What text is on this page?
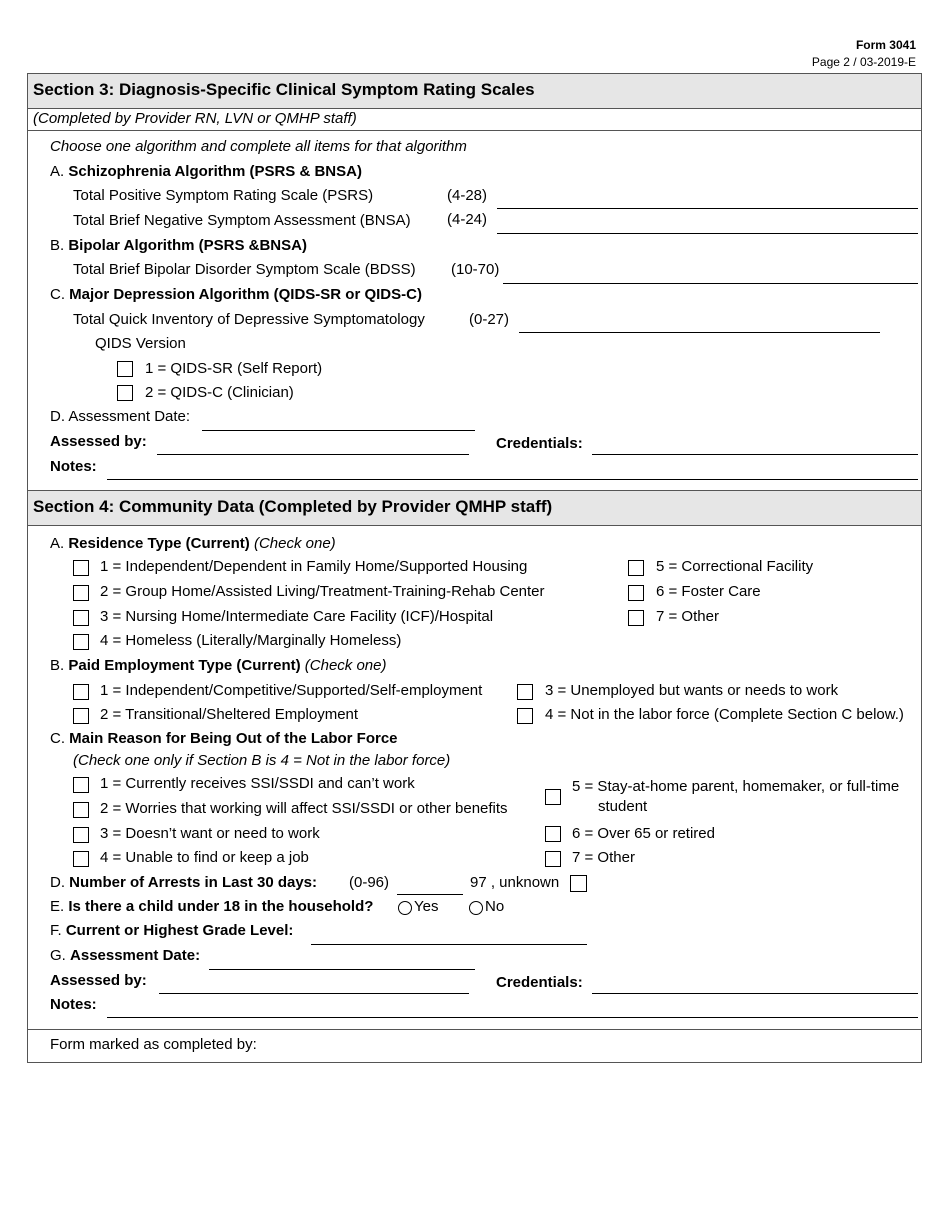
Form 3041
Page 2 / 03-2019-E
Section 3: Diagnosis-Specific Clinical Symptom Rating Scales
(Completed by Provider RN, LVN or QMHP staff)
Choose one algorithm and complete all items for that algorithm
A. Schizophrenia Algorithm (PSRS & BNSA)
Total Positive Symptom Rating Scale (PSRS)	(4-28)
Total Brief Negative Symptom Assessment (BNSA) (4-24)
B. Bipolar Algorithm (PSRS &BNSA)
Total Brief Bipolar Disorder Symptom Scale (BDSS) (10-70)
C. Major Depression Algorithm (QIDS-SR or QIDS-C)
Total Quick Inventory of Depressive Symptomatology	(0-27)
QIDS Version
1 = QIDS-SR (Self Report)
2 = QIDS-C (Clinician)
D. Assessment Date:
Assessed by:	Credentials:
Notes:
Section 4: Community Data (Completed by Provider QMHP staff)
A. Residence Type (Current) (Check one)
1 = Independent/Dependent in Family Home/Supported Housing
2 = Group Home/Assisted Living/Treatment-Training-Rehab Center
3 = Nursing Home/Intermediate Care Facility (ICF)/Hospital
4 = Homeless (Literally/Marginally Homeless)
5 = Correctional Facility
6 = Foster Care
7 = Other
B. Paid Employment Type (Current) (Check one)
1 = Independent/Competitive/Supported/Self-employment
2 = Transitional/Sheltered Employment
3 = Unemployed but wants or needs to work
4 = Not in the labor force (Complete Section C below.)
C. Main Reason for Being Out of the Labor Force
(Check one only if Section B is 4 = Not in the labor force)
1 = Currently receives SSI/SSDI and can’t work
2 = Worries that working will affect SSI/SSDI or other benefits
3 = Doesn’t want or need to work
4 = Unable to find or keep a job
5 = Stay-at-home parent, homemaker, or full-time
student
6 = Over 65 or retired
7 = Other
D. Number of Arrests in Last 30 days: (0-96)	97 , unknown
E. Is there a child under 18 in the household?	Yes	No
F. Current or Highest Grade Level:
G. Assessment Date:
Assessed by:	Credentials:
Notes:
Form marked as completed by:
